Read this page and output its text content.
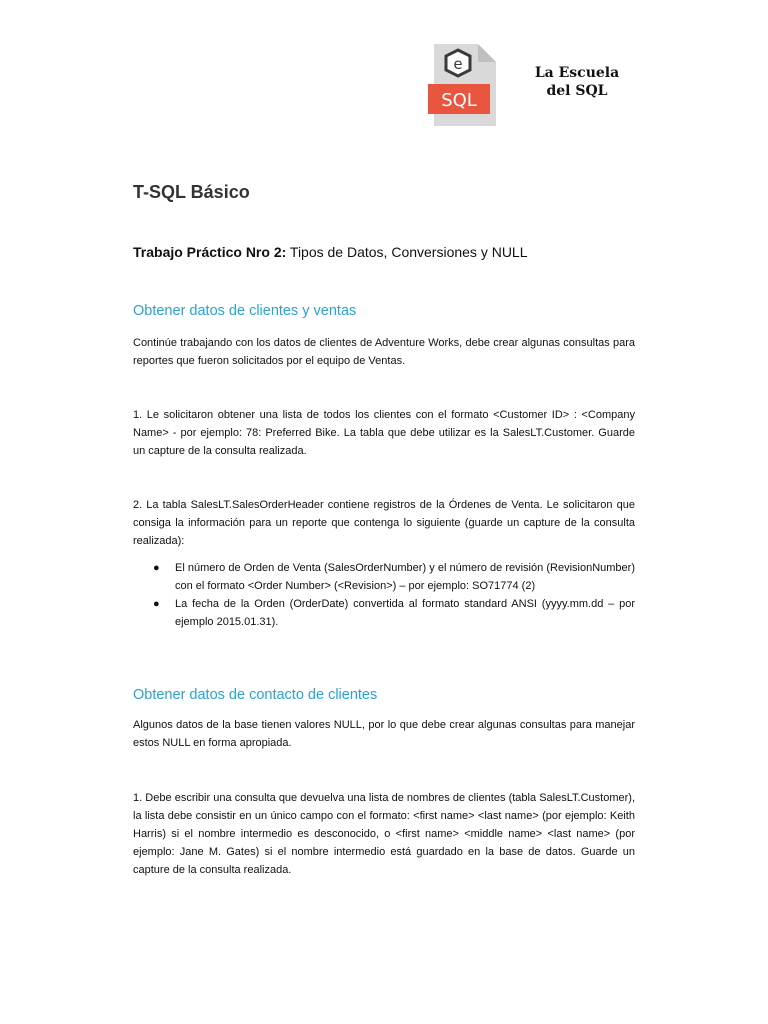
e
SQL
La Escuela
del SQL
T-SQL Básico

Trabajo Práctico Nro 2: Tipos de Datos, Conversiones y NULL

Obtener datos de clientes y ventas

Continúe trabajando con los datos de clientes de Adventure Works, debe crear algunas consultas para reportes que fueron solicitados por el equipo de Ventas.

1. Le solicitaron obtener una lista de todos los clientes con el formato <Customer ID> : <Company Name> - por ejemplo: 78: Preferred Bike. La tabla que debe utilizar es la SalesLT.Customer. Guarde un capture de la consulta realizada.

2. La tabla SalesLT.SalesOrderHeader contiene registros de la Órdenes de Venta. Le solicitaron que consiga la información para un reporte que contenga lo siguiente (guarde un capture de la consulta realizada):

● El número de Orden de Venta (SalesOrderNumber) y el número de revisión (RevisionNumber) con el formato <Order Number> (<Revision>) – por ejemplo: SO71774 (2)
● La fecha de la Orden (OrderDate) convertida al formato standard ANSI (yyyy.mm.dd – por ejemplo 2015.01.31).
Obtener datos de contacto de clientes

Algunos datos de la base tienen valores NULL, por lo que debe crear algunas consultas para manejar estos NULL en forma apropiada.

1. Debe escribir una consulta que devuelva una lista de nombres de clientes (tabla SalesLT.Customer), la lista debe consistir en un único campo con el formato: <first name> <last name> (por ejemplo: Keith Harris) si el nombre intermedio es desconocido, o <first name> <middle name> <last name> (por ejemplo: Jane M. Gates) si el nombre intermedio está guardado en la base de datos. Guarde un capture de la consulta realizada.
